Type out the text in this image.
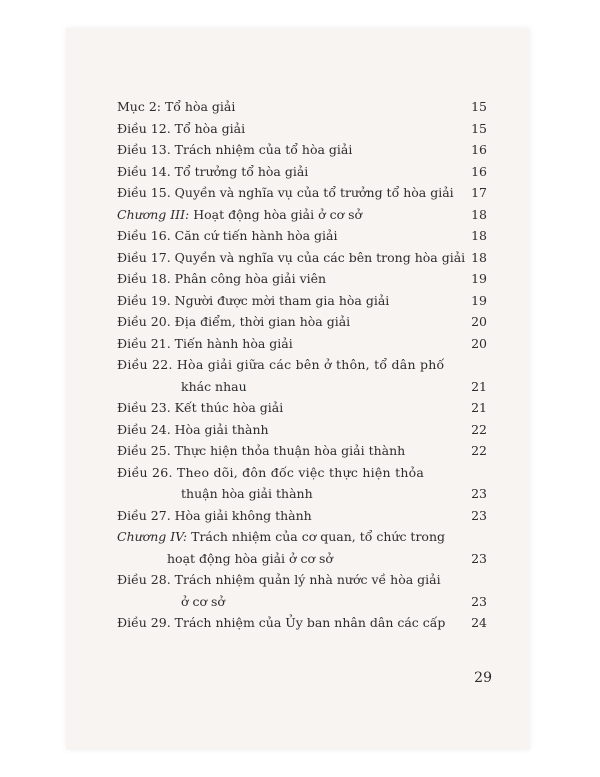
Mục 2: Tổ hòa giải	15
Điều 12. Tổ hòa giải	15
Điều 13. Trách nhiệm của tổ hòa giải	16
Điều 14. Tổ trưởng tổ hòa giải	16
Điều 15. Quyền và nghĩa vụ của tổ trưởng tổ hòa giải	17
Chương III: Hoạt động hòa giải ở cơ sở	18
Điều 16. Căn cứ tiến hành hòa giải	18
Điều 17. Quyền và nghĩa vụ của các bên trong hòa giải 18
Điều 18. Phân công hòa giải viên	19
Điều 19. Người được mời tham gia hòa giải	19
Điều 20. Địa điểm, thời gian hòa giải	20
Điều 21. Tiến hành hòa giải	20
Điều 22. Hòa giải giữa các bên ở thôn, tổ dân phố
khác nhau	21
Điều 23. Kết thúc hòa giải	21
Điều 24. Hòa giải thành	22
Điều 25. Thực hiện thỏa thuận hòa giải thành	22
Điều 26. Theo dõi, đôn đốc việc thực hiện thỏa
thuận hòa giải thành	23
Điều 27. Hòa giải không thành	23
Chương IV: Trách nhiệm của cơ quan, tổ chức trong
hoạt động hòa giải ở cơ sở	23
Điều 28. Trách nhiệm quản lý nhà nước về hòa giải
ở cơ sở	23
Điều 29. Trách nhiệm của Ủy ban nhân dân các cấp	24
29
